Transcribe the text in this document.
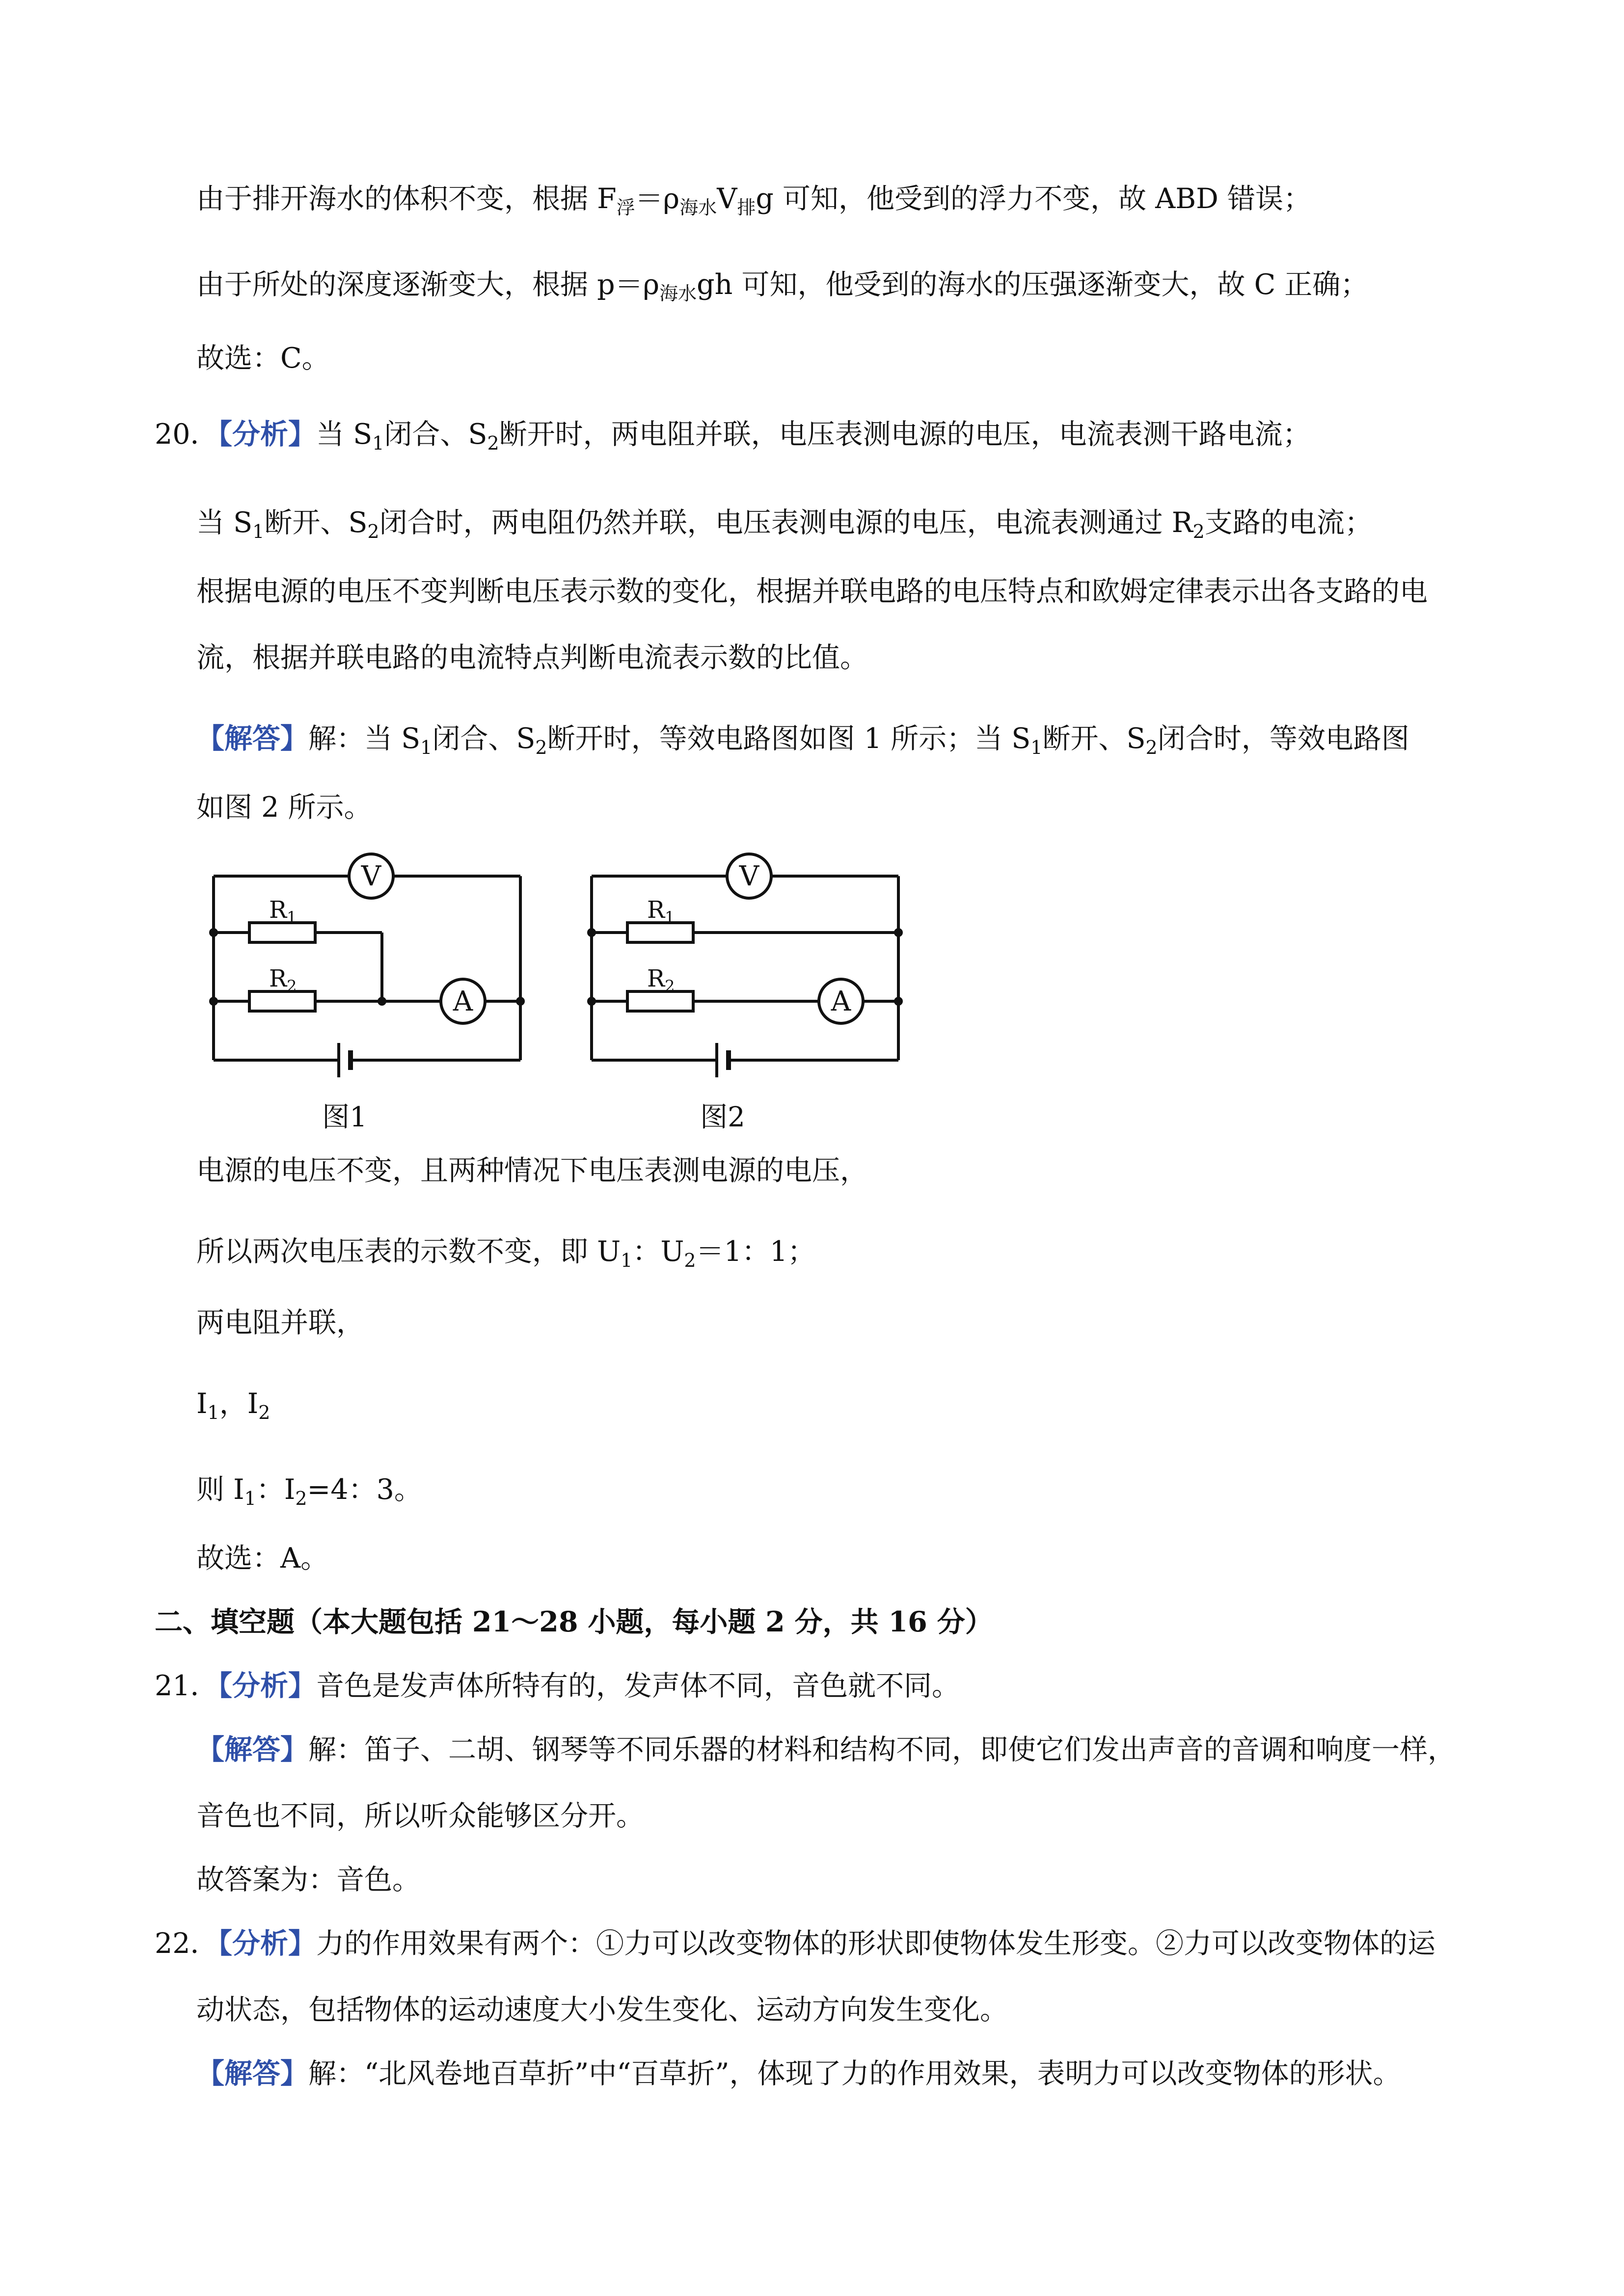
由于排开海水的体积不变，根据 $F_浮=\rho_{海水}V_排g$ 可知，他受到的浮力不变，故 ABD 错误；
由于所处的深度逐渐变大，根据 $p=\rho_{海水}gh$ 可知，他受到的海水的压强逐渐变大，故 C 正确；
故选：C。
20．【分析】当 $S_1$闭合、$S_2$断开时，两电阻并联，电压表测电源的电压，电流表测干路电流；
当 $S_1$断开、$S_2$闭合时，两电阻仍然并联，电压表测电源的电压，电流表测通过 $R_2$支路的电流；
根据电源的电压不变判断电压表示数的变化，根据并联电路的电压特点和欧姆定律表示出各支路的电
流，根据并联电路的电流特点判断电流表示数的比值。
【解答】解：当 $S_1$闭合、$S_2$断开时，等效电路图如图 1 所示；当 $S_1$断开、$S_2$闭合时，等效电路图
如图 2 所示。
V
A
$R_1$
$R_2$
图1
V
A
$R_1$
$R_2$
图2
电源的电压不变，且两种情况下电压表测电源的电压，
所以两次电压表的示数不变，即 $U_1$：$U_2=1$：1；
两电阻并联，
$I_1$，$I_2$
则 $I_1$：$I_2=4$：3。
故选：A。
二、填空题（本大题包括 21～28 小题，每小题 2 分，共 16 分）
21．【分析】音色是发声体所特有的，发声体不同，音色就不同。
【解答】解：笛子、二胡、钢琴等不同乐器的材料和结构不同，即使它们发出声音的音调和响度一样，
音色也不同，所以听众能够区分开。
故答案为：音色。
22．【分析】力的作用效果有两个：①力可以改变物体的形状即使物体发生形变。②力可以改变物体的运
动状态，包括物体的运动速度大小发生变化、运动方向发生变化。
【解答】解：“北风卷地百草折”中“百草折”，体现了力的作用效果，表明力可以改变物体的形状。
